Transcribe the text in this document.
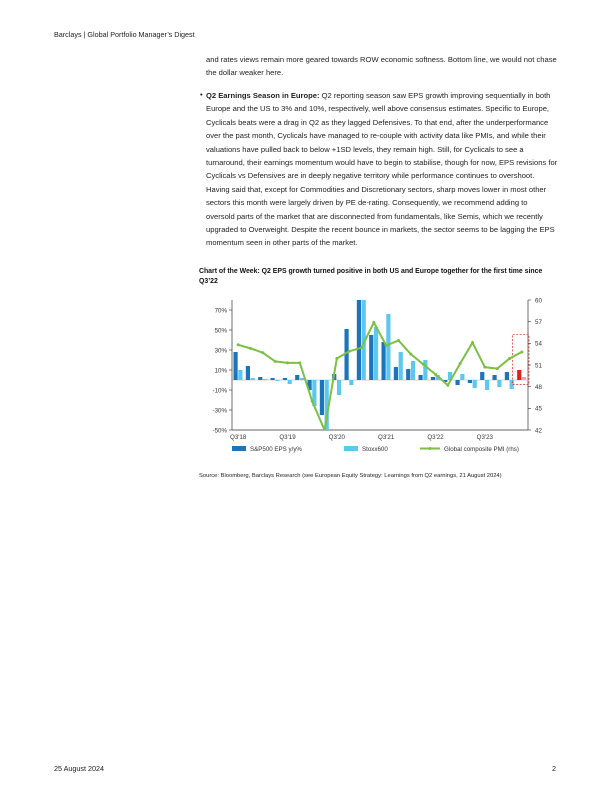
Barclays | Global Portfolio Manager’s Digest
and rates views remain more geared towards ROW economic softness. Bottom line, we would not chase the dollar weaker here.
• Q2 Earnings Season in Europe: Q2 reporting season saw EPS growth improving sequentially in both Europe and the US to 3% and 10%, respectively, well above consensus estimates. Specific to Europe, Cyclicals beats were a drag in Q2 as they lagged Defensives. To that end, after the underperformance over the past month, Cyclicals have managed to re-couple with activity data like PMIs, and while their valuations have pulled back to below +1SD levels, they remain high. Still, for Cyclicals to see a turnaround, their earnings momentum would have to begin to stabilise, though for now, EPS revisions for Cyclicals vs Defensives are in deeply negative territory while performance continues to overshoot. Having said that, except for Commodities and Discretionary sectors, sharp moves lower in most other sectors this month were largely driven by PE de-rating. Consequently, we recommend adding to oversold parts of the market that are disconnected from fundamentals, like Semis, which we recently upgraded to Overweight. Despite the recent bounce in markets, the sector seems to be lagging the EPS momentum seen in other parts of the market.
Chart of the Week: Q2 EPS growth turned positive in both US and Europe together for the first time since Q3’22
70%
50%
30%
10%
-10%
-30%
-50%
60
57
54
51
48
45
42
Q3'18	Q3'19	Q3'20	Q3'21	Q3'22	Q3'23
S&P500 EPS y/y%	Stoxx600	Global composite PMI (rhs)
Source: Bloomberg, Barclays Research (see European Equity Strategy: Learnings from Q2 earnings, 21 August 2024)
25 August 2024	2
